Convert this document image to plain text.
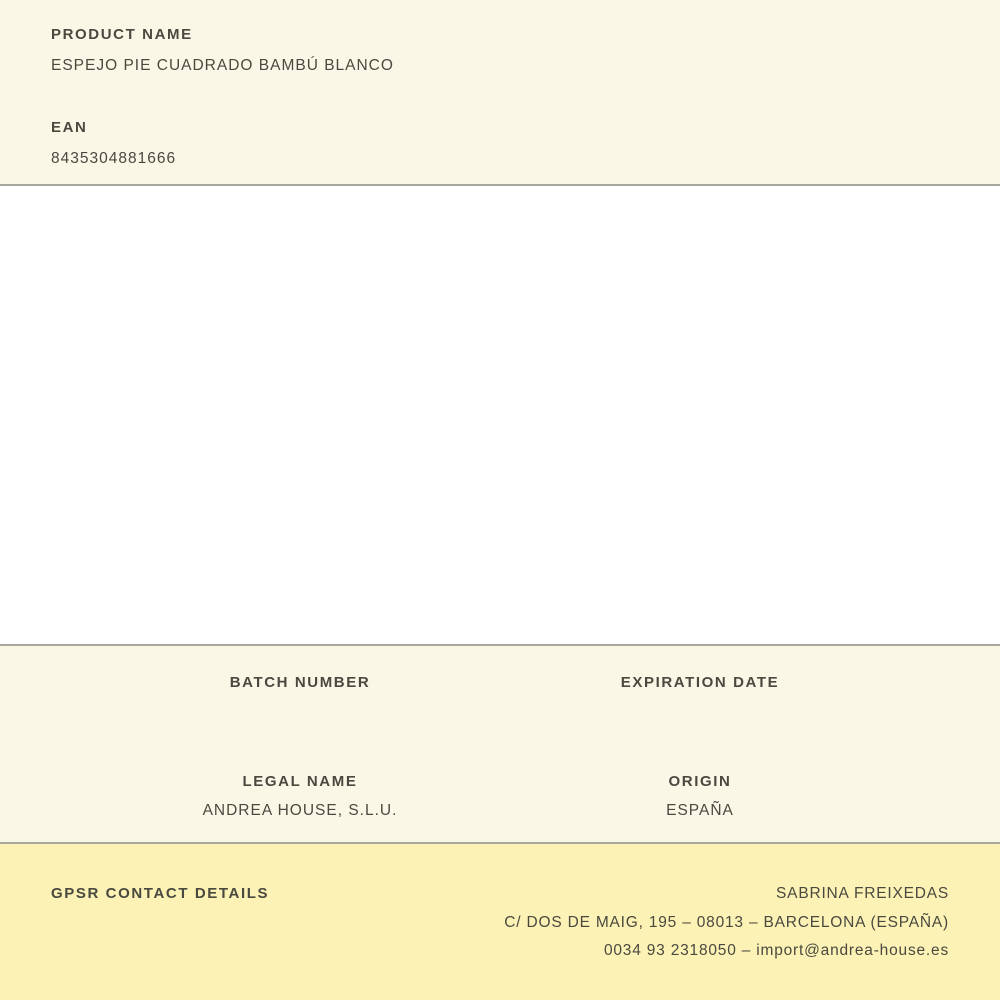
PRODUCT NAME
ESPEJO PIE CUADRADO BAMBÚ BLANCO
EAN
8435304881666
BATCH NUMBER	EXPIRATION DATE
LEGAL NAME
ANDREA HOUSE, S.L.U.
ORIGIN
ESPAÑA
GPSR CONTACT DETAILS	SABRINA FREIXEDAS
C/ DOS DE MAIG, 195 – 08013 – BARCELONA (ESPAÑA)
0034 93 2318050 – import@andrea-house.es
